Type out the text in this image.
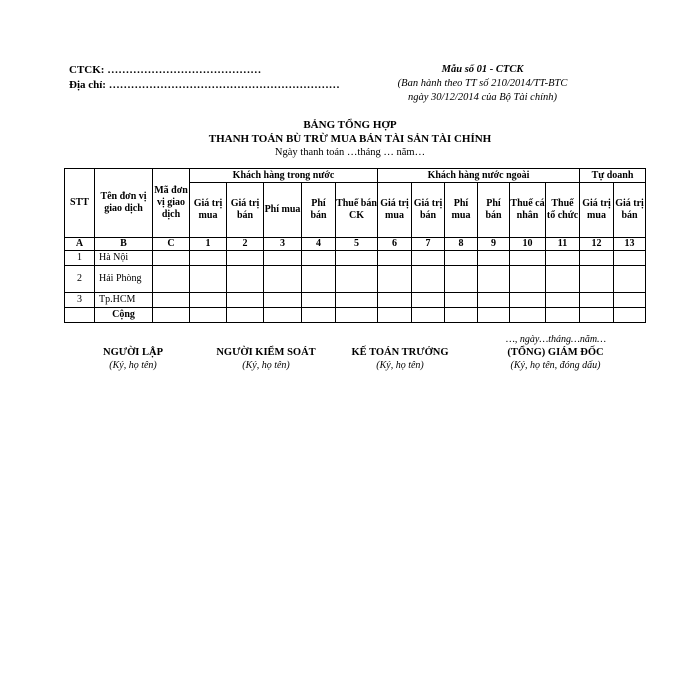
CTCK: ……………………………………
Địa chỉ: ………………………………………………………
Mẫu số 01 - CTCK
(Ban hành theo TT số 210/2014/TT-BTC
ngày 30/12/2014 của Bộ Tài chính)
BẢNG TỔNG HỢP
THANH TOÁN BÙ TRỪ MUA BÁN TÀI SẢN TÀI CHÍNH
Ngày thanh toán …tháng … năm…
STT	Tên đơn vị giao dịch	Mã đơn vị giao dịch	Khách hàng trong nước					Khách hàng nước ngoài						Tự doanh	
			Giá trị mua	Giá trị bán	Phí mua	Phí bán	Thuế bán CK	Giá trị mua	Giá trị bán	Phí mua	Phí bán	Thuế cá nhân	Thuế tổ chức	Giá trị mua	Giá trị bán
A	B	C	1	2	3	4	5	6	7	8	9	10	11	12	13
1	Hà Nội														
2	Hải Phòng														
3	Tp.HCM														
	Cộng														
…, ngày…tháng…năm…
NGƯỜI LẬP
(Ký, họ tên)
NGƯỜI KIỂM SOÁT
(Ký, họ tên)
KẾ TOÁN TRƯỞNG
(Ký, họ tên)
(TỔNG) GIÁM ĐỐC
(Ký, họ tên, đóng dấu)
